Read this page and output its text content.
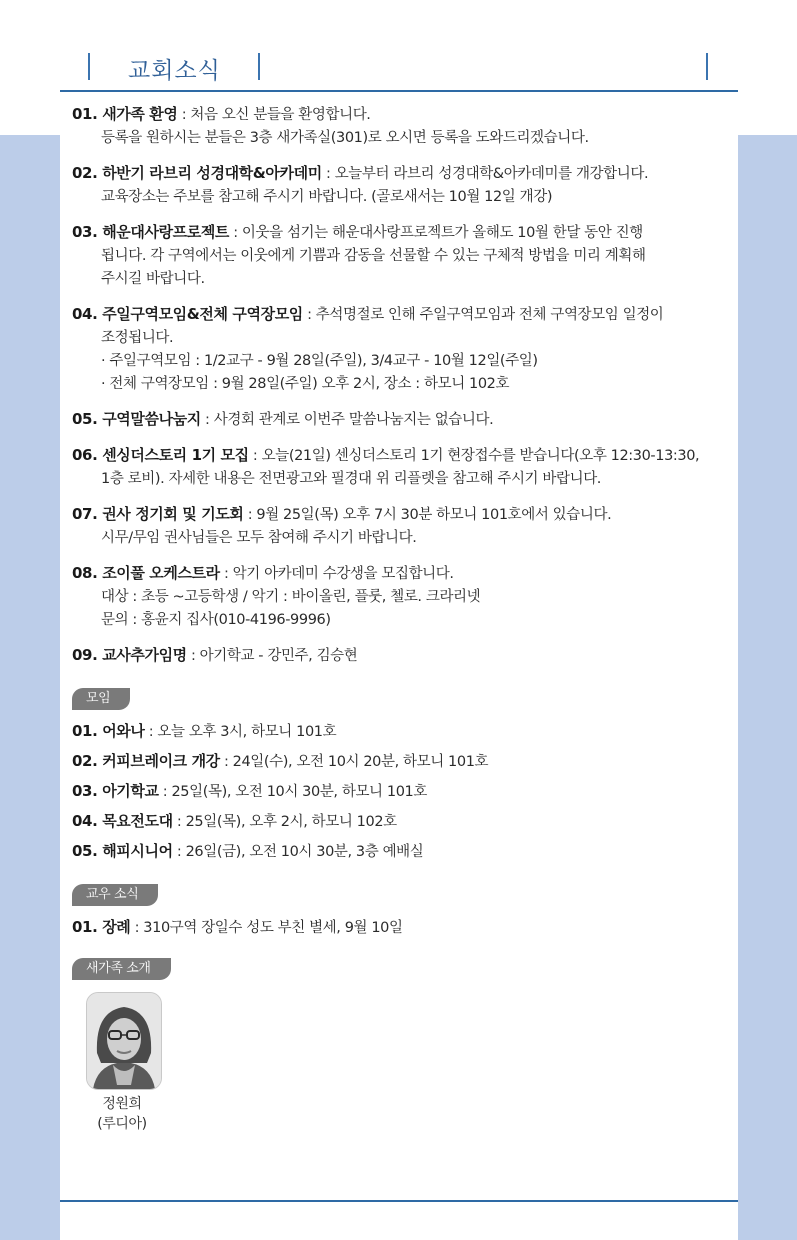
교회소식
01. 새가족 환영 : 처음 오신 분들을 환영합니다.
등록을 원하시는 분들은 3층 새가족실(301)로 오시면 등록을 도와드리겠습니다.
02. 하반기 라브리 성경대학&아카데미 : 오늘부터 라브리 성경대학&아카데미를 개강합니다.
교육장소는 주보를 참고해 주시기 바랍니다. (골로새서는 10월 12일 개강)
03. 해운대사랑프로젝트 : 이웃을 섬기는 해운대사랑프로젝트가 올해도 10월 한달 동안 진행
됩니다. 각 구역에서는 이웃에게 기쁨과 감동을 선물할 수 있는 구체적 방법을 미리 계획해
주시길 바랍니다.
04. 주일구역모임&전체 구역장모임 : 추석명절로 인해 주일구역모임과 전체 구역장모임 일정이
조정됩니다.
· 주일구역모임 : 1/2교구 - 9월 28일(주일), 3/4교구 - 10월 12일(주일)
· 전체 구역장모임 : 9월 28일(주일) 오후 2시, 장소 : 하모니 102호
05. 구역말씀나눔지 : 사경회 관계로 이번주 말씀나눔지는 없습니다.
06. 센싱더스토리 1기 모집 : 오늘(21일) 센싱더스토리 1기 현장접수를 받습니다(오후 12:30-13:30,
1층 로비). 자세한 내용은 전면광고와 필경대 위 리플렛을 참고해 주시기 바랍니다.
07. 권사 정기회 및 기도회 : 9월 25일(목) 오후 7시 30분 하모니 101호에서 있습니다.
시무/무임 권사님들은 모두 참여해 주시기 바랍니다.
08. 조이풀 오케스트라 : 악기 아카데미 수강생을 모집합니다.
대상 : 초등 ~고등학생 / 악기 : 바이올린, 플룻, 첼로. 크라리넷
문의 : 홍윤지 집사(010-4196-9996)
09. 교사추가임명 : 아기학교 - 강민주, 김승현
모임
01. 어와나 : 오늘 오후 3시, 하모니 101호
02. 커피브레이크 개강 : 24일(수), 오전 10시 20분, 하모니 101호
03. 아기학교 : 25일(목), 오전 10시 30분, 하모니 101호
04. 목요전도대 : 25일(목), 오후 2시, 하모니 102호
05. 해피시니어 : 26일(금), 오전 10시 30분, 3층 예배실
교우 소식
01. 장례 : 310구역 장일수 성도 부친 별세, 9월 10일
새가족 소개
정원희
(루디아)
